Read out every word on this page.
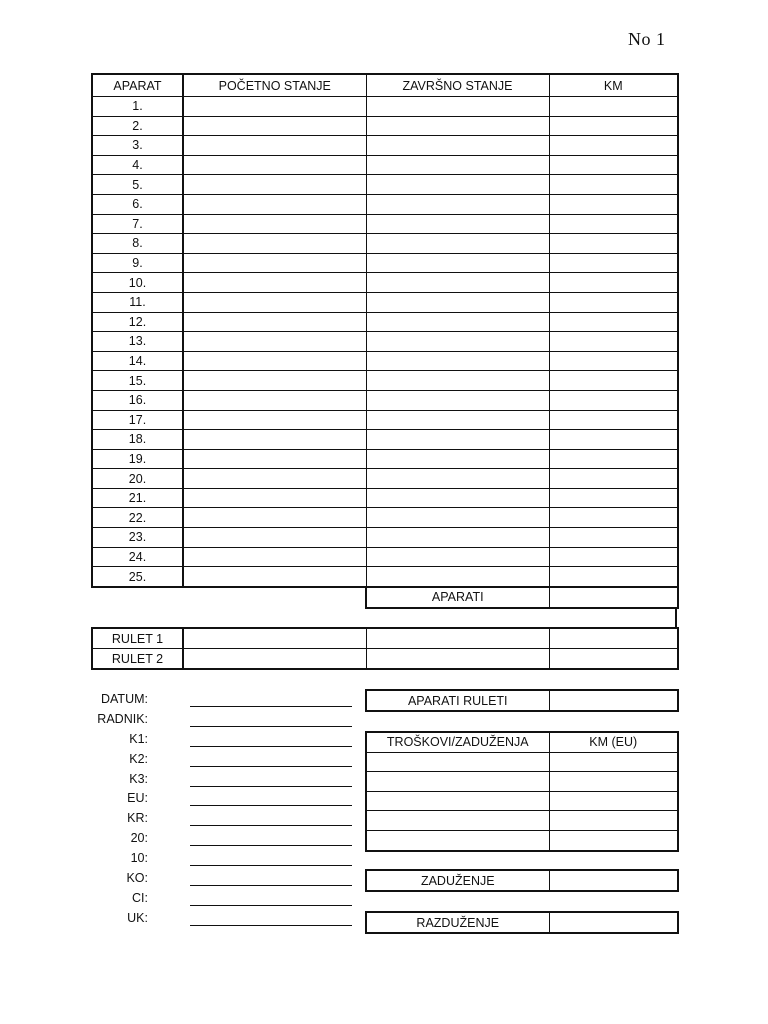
No 1
APARAT	POČETNO STANJE	ZAVRŠNO STANJE	KM
1.			
2.			
3.			
4.			
5.			
6.			
7.			
8.			
9.			
10.			
11.			
12.			
13.			
14.			
15.			
16.			
17.			
18.			
19.			
20.			
21.			
22.			
23.			
24.			
25.			
APARATI	
RULET 1			
RULET 2			
DATUM:
RADNIK:
K1:
K2:
K3:
EU:
KR:
20:
10:
KO:
CI:
UK:
APARATI RULETI	
TROŠKOVI/ZADUŽENJA	KM (EU)

ZADUŽENJE	
RAZDUŽENJE	
